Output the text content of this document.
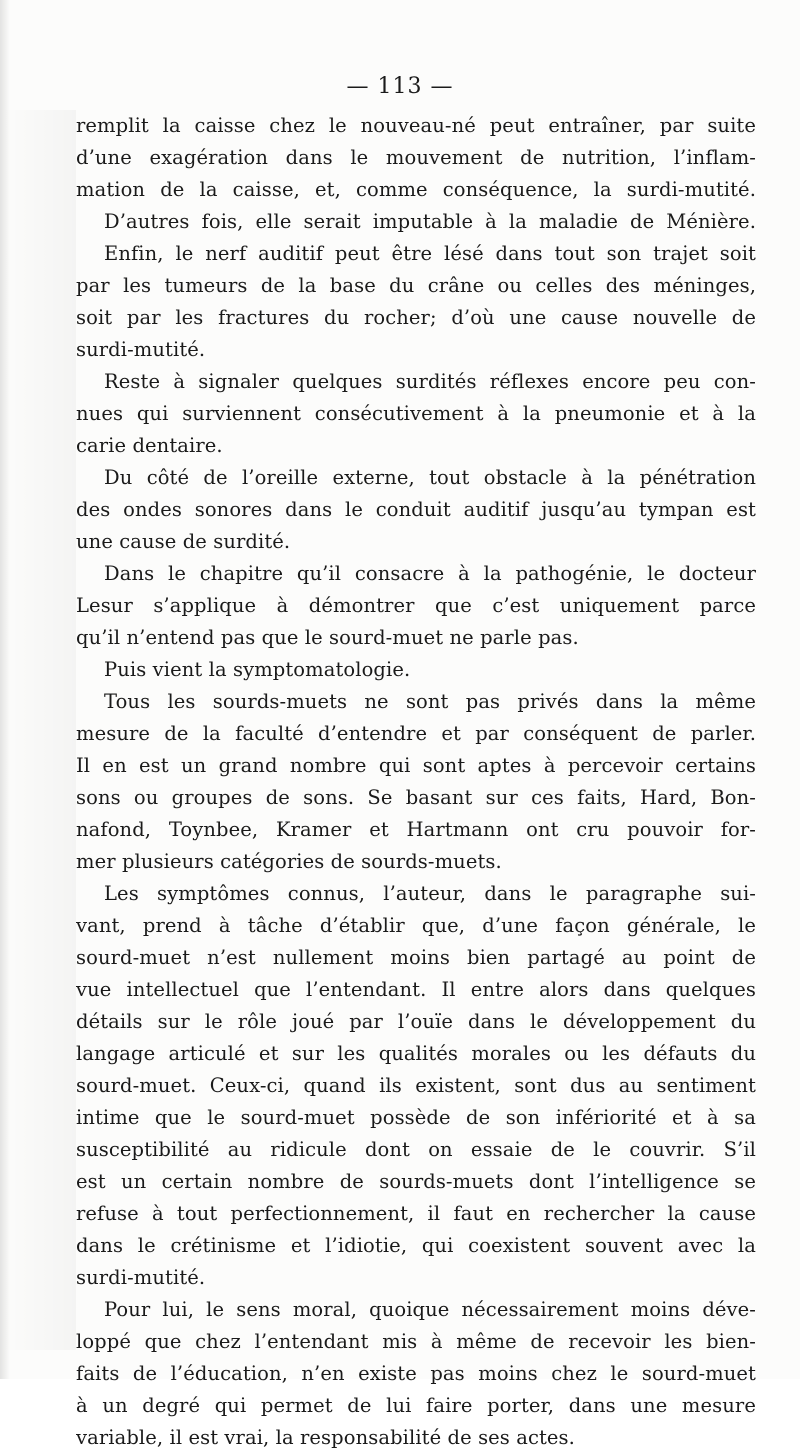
— 113 —
remplit la caisse chez le nouveau-né peut entraîner, par suite
d’une exagération dans le mouvement de nutrition, l’inflam-
mation de la caisse, et, comme conséquence, la surdi-mutité.
D’autres fois, elle serait imputable à la maladie de Ménière.
Enfin, le nerf auditif peut être lésé dans tout son trajet soit
par les tumeurs de la base du crâne ou celles des méninges,
soit par les fractures du rocher; d’où une cause nouvelle de
surdi-mutité.
Reste à signaler quelques surdités réflexes encore peu con-
nues qui surviennent consécutivement à la pneumonie et à la
carie dentaire.
Du côté de l’oreille externe, tout obstacle à la pénétration
des ondes sonores dans le conduit auditif jusqu’au tympan est
une cause de surdité.
Dans le chapitre qu’il consacre à la pathogénie, le docteur
Lesur s’applique à démontrer que c’est uniquement parce
qu’il n’entend pas que le sourd-muet ne parle pas.
Puis vient la symptomatologie.
Tous les sourds-muets ne sont pas privés dans la même
mesure de la faculté d’entendre et par conséquent de parler.
Il en est un grand nombre qui sont aptes à percevoir certains
sons ou groupes de sons. Se basant sur ces faits, Hard, Bon-
nafond, Toynbee, Kramer et Hartmann ont cru pouvoir for-
mer plusieurs catégories de sourds-muets.
Les symptômes connus, l’auteur, dans le paragraphe sui-
vant, prend à tâche d’établir que, d’une façon générale, le
sourd-muet n’est nullement moins bien partagé au point de
vue intellectuel que l’entendant. Il entre alors dans quelques
détails sur le rôle joué par l’ouïe dans le développement du
langage articulé et sur les qualités morales ou les défauts du
sourd-muet. Ceux-ci, quand ils existent, sont dus au sentiment
intime que le sourd-muet possède de son infériorité et à sa
susceptibilité au ridicule dont on essaie de le couvrir. S’il
est un certain nombre de sourds-muets dont l’intelligence se
refuse à tout perfectionnement, il faut en rechercher la cause
dans le crétinisme et l’idiotie, qui coexistent souvent avec la
surdi-mutité.
Pour lui, le sens moral, quoique nécessairement moins déve-
loppé que chez l’entendant mis à même de recevoir les bien-
faits de l’éducation, n’en existe pas moins chez le sourd-muet
à un degré qui permet de lui faire porter, dans une mesure
variable, il est vrai, la responsabilité de ses actes.
